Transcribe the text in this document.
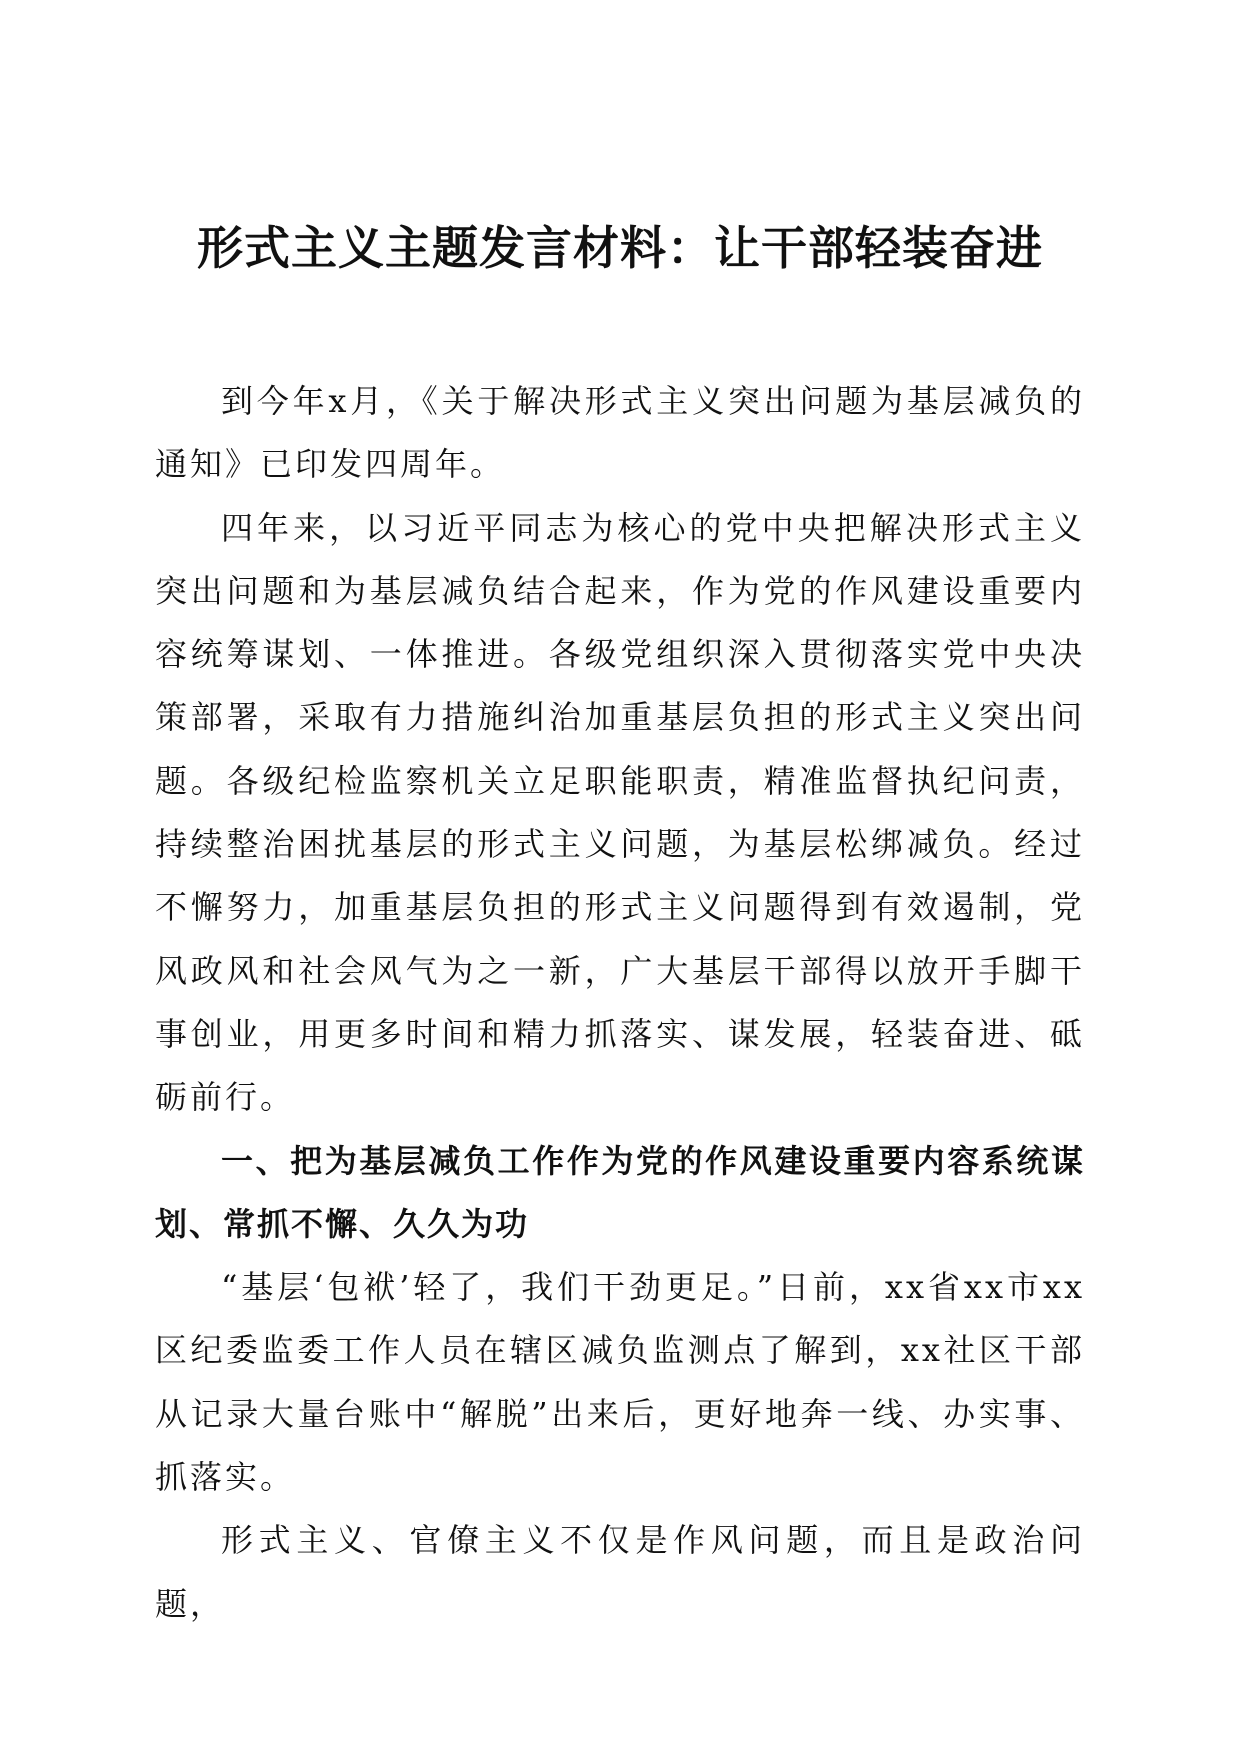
形式主义主题发言材料：让干部轻装奋进

到今年x月，《关于解决形式主义突出问题为基层减负的通知》已印发四周年。

四年来，以习近平同志为核心的党中央把解决形式主义突出问题和为基层减负结合起来，作为党的作风建设重要内容统筹谋划、一体推进。各级党组织深入贯彻落实党中央决策部署，采取有力措施纠治加重基层负担的形式主义突出问题。各级纪检监察机关立足职能职责，精准监督执纪问责，持续整治困扰基层的形式主义问题，为基层松绑减负。经过不懈努力，加重基层负担的形式主义问题得到有效遏制，党风政风和社会风气为之一新，广大基层干部得以放开手脚干事创业，用更多时间和精力抓落实、谋发展，轻装奋进、砥砺前行。

一、把为基层减负工作作为党的作风建设重要内容系统谋划、常抓不懈、久久为功

“基层‘包袱’轻了，我们干劲更足。”日前，xx省xx市xx区纪委监委工作人员在辖区减负监测点了解到，xx社区干部从记录大量台账中“解脱”出来后，更好地奔一线、办实事、抓落实。

形式主义、官僚主义不仅是作风问题，而且是政治问题，
